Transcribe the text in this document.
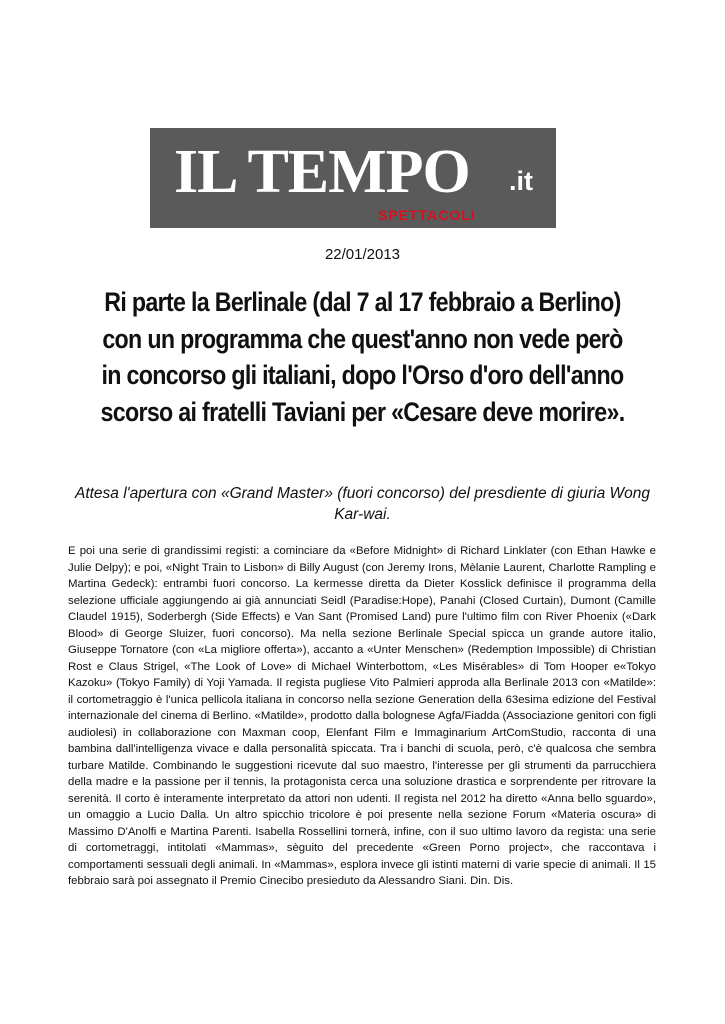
IL TEMPO .it
SPETTACOLI
22/01/2013
Ri parte la Berlinale (dal 7 al 17 febbraio a Berlino) con un programma che quest'anno non vede però in concorso gli italiani, dopo l'Orso d'oro dell'anno scorso ai fratelli Taviani per «Cesare deve morire».

Attesa l'apertura con «Grand Master» (fuori concorso) del presdiente di giuria Wong Kar-wai.

E poi una serie di grandissimi registi: a cominciare da «Before Midnight» di Richard Linklater (con Ethan Hawke e Julie Delpy); e poi, «Night Train to Lisbon» di Billy August (con Jeremy Irons, Mèlanie Laurent, Charlotte Rampling e Martina Gedeck): entrambi fuori concorso. La kermesse diretta da Dieter Kosslick definisce il programma della selezione ufficiale aggiungendo ai già annunciati Seidl (Paradise:Hope), Panahi (Closed Curtain), Dumont (Camille Claudel 1915), Soderbergh (Side Effects) e Van Sant (Promised Land) pure l'ultimo film con River Phoenix («Dark Blood» di George Sluizer, fuori concorso). Ma nella sezione Berlinale Special spicca un grande autore italio, Giuseppe Tornatore (con «La migliore offerta»), accanto a «Unter Menschen» (Redemption Impossible) di Christian Rost e Claus Strigel, «The Look of Love» di Michael Winterbottom, «Les Misérables» di Tom Hooper e«Tokyo Kazoku» (Tokyo Family) di Yoji Yamada. Il regista pugliese Vito Palmieri approda alla Berlinale 2013 con «Matilde»: il cortometraggio è l'unica pellicola italiana in concorso nella sezione Generation della 63esima edizione del Festival internazionale del cinema di Berlino. «Matilde», prodotto dalla bolognese Agfa/Fiadda (Associazione genitori con figli audiolesi) in collaborazione con Maxman coop, Elenfant Film e Immaginarium ArtComStudio, racconta di una bambina dall'intelligenza vivace e dalla personalità spiccata. Tra i banchi di scuola, però, c'è qualcosa che sembra turbare Matilde. Combinando le suggestioni ricevute dal suo maestro, l'interesse per gli strumenti da parrucchiera della madre e la passione per il tennis, la protagonista cerca una soluzione drastica e sorprendente per ritrovare la serenità. Il corto è interamente interpretato da attori non udenti. Il regista nel 2012 ha diretto «Anna bello sguardo», un omaggio a Lucio Dalla. Un altro spicchio tricolore è poi presente nella sezione Forum «Materia oscura» di Massimo D'Anolfi e Martina Parenti. Isabella Rossellini tornerà, infine, con il suo ultimo lavoro da regista: una serie di cortometraggi, intitolati «Mammas», sèguito del precedente «Green Porno project», che raccontava i comportamenti sessuali degli animali. In «Mammas», esplora invece gli istinti materni di varie specie di animali. Il 15 febbraio sarà poi assegnato il Premio Cinecibo presieduto da Alessandro Siani. Din. Dis.
